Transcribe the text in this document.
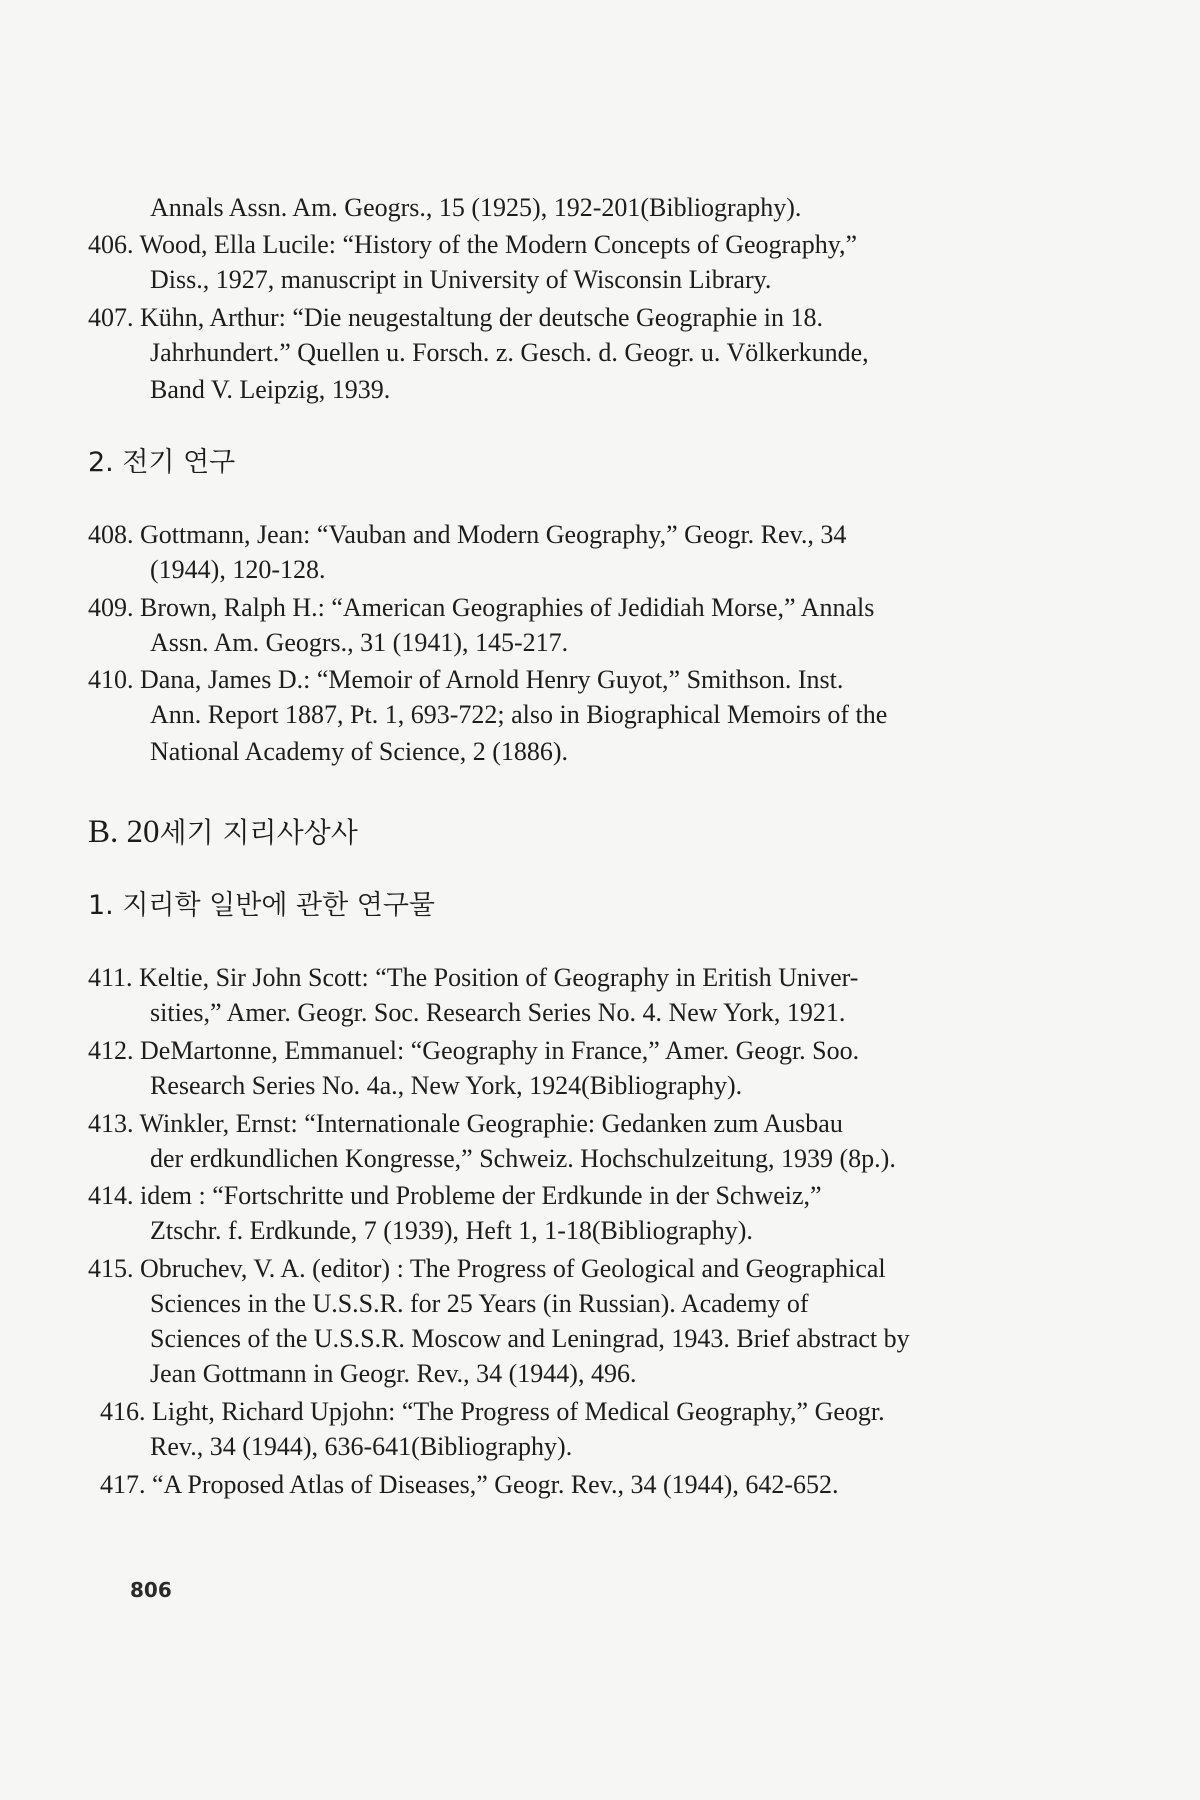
Annals Assn. Am. Geogrs., 15 (1925), 192-201(Bibliography).
406. Wood, Ella Lucile: “History of the Modern Concepts of Geography,”
Diss., 1927, manuscript in University of Wisconsin Library.
407. Kühn, Arthur: “Die neugestaltung der deutsche Geographie in 18.
Jahrhundert.” Quellen u. Forsch. z. Gesch. d. Geogr. u. Völkerkunde,
Band V. Leipzig, 1939.
2. 전기 연구
408. Gottmann, Jean: “Vauban and Modern Geography,” Geogr. Rev., 34
(1944), 120-128.
409. Brown, Ralph H.: “American Geographies of Jedidiah Morse,” Annals
Assn. Am. Geogrs., 31 (1941), 145-217.
410. Dana, James D.: “Memoir of Arnold Henry Guyot,” Smithson. Inst.
Ann. Report 1887, Pt. 1, 693-722; also in Biographical Memoirs of the
National Academy of Science, 2 (1886).
B. 20세기 지리사상사
1. 지리학 일반에 관한 연구물
411. Keltie, Sir John Scott: “The Position of Geography in Eritish Univer-
sities,” Amer. Geogr. Soc. Research Series No. 4. New York, 1921.
412. DeMartonne, Emmanuel: “Geography in France,” Amer. Geogr. Soo.
Research Series No. 4a., New York, 1924(Bibliography).
413. Winkler, Ernst: “Internationale Geographie: Gedanken zum Ausbau
der erdkundlichen Kongresse,” Schweiz. Hochschulzeitung, 1939 (8p.).
414. idem : “Fortschritte und Probleme der Erdkunde in der Schweiz,”
Ztschr. f. Erdkunde, 7 (1939), Heft 1, 1-18(Bibliography).
415. Obruchev, V. A. (editor) : The Progress of Geological and Geographical
Sciences in the U.S.S.R. for 25 Years (in Russian). Academy of
Sciences of the U.S.S.R. Moscow and Leningrad, 1943. Brief abstract by
Jean Gottmann in Geogr. Rev., 34 (1944), 496.
416. Light, Richard Upjohn: “The Progress of Medical Geography,” Geogr.
Rev., 34 (1944), 636-641(Bibliography).
417. “A Proposed Atlas of Diseases,” Geogr. Rev., 34 (1944), 642-652.
806
